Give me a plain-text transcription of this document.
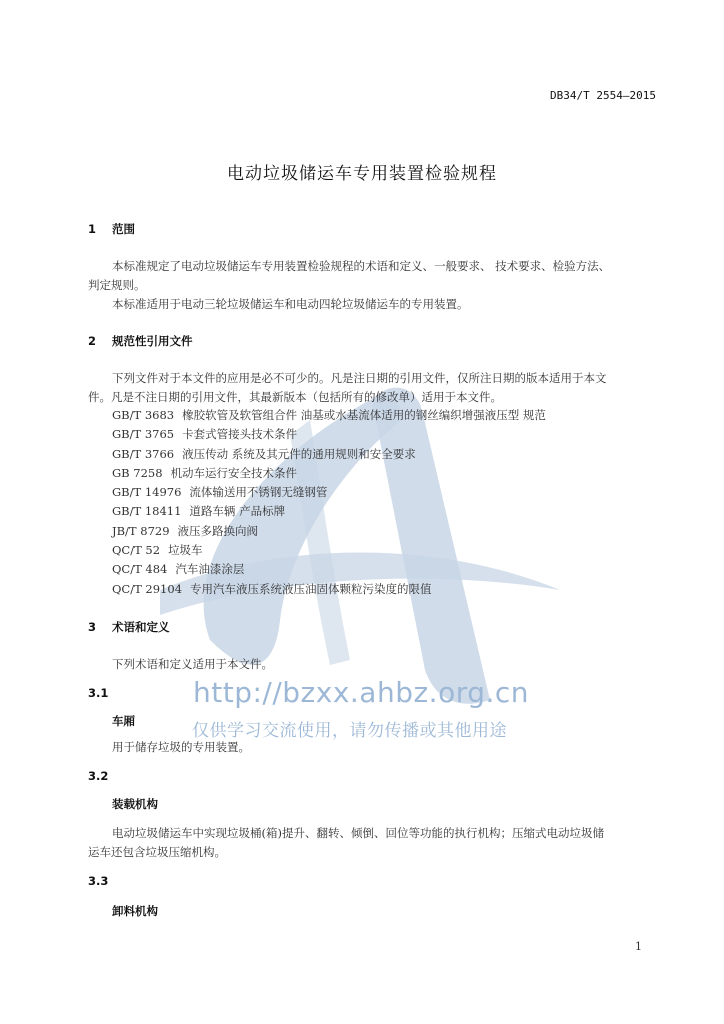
http://bzxx.ahbz.org.cn
仅供学习交流使用，请勿传播或其他用途
DB34/T 2554—2015
电动垃圾储运车专用装置检验规程
1 范围
本标准规定了电动垃圾储运车专用装置检验规程的术语和定义、一般要求、 技术要求、检验方法、
判定规则。
本标准适用于电动三轮垃圾储运车和电动四轮垃圾储运车的专用装置。
2 规范性引用文件
下列文件对于本文件的应用是必不可少的。凡是注日期的引用文件，仅所注日期的版本适用于本文
件。凡是不注日期的引用文件，其最新版本（包括所有的修改单）适用于本文件。
GB/T 3683 橡胶软管及软管组合件 油基或水基流体适用的钢丝编织增强液压型 规范
GB/T 3765 卡套式管接头技术条件
GB/T 3766 液压传动 系统及其元件的通用规则和安全要求
GB 7258 机动车运行安全技术条件
GB/T 14976 流体输送用不锈钢无缝钢管
GB/T 18411 道路车辆 产品标牌
JB/T 8729 液压多路换向阀
QC/T 52 垃圾车
QC/T 484 汽车油漆涂层
QC/T 29104 专用汽车液压系统液压油固体颗粒污染度的限值
3 术语和定义
下列术语和定义适用于本文件。
3.1
车厢
用于储存垃圾的专用装置。
3.2
装载机构
电动垃圾储运车中实现垃圾桶(箱)提升、翻转、倾倒、回位等功能的执行机构；压缩式电动垃圾储
运车还包含垃圾压缩机构。
3.3
卸料机构
1
